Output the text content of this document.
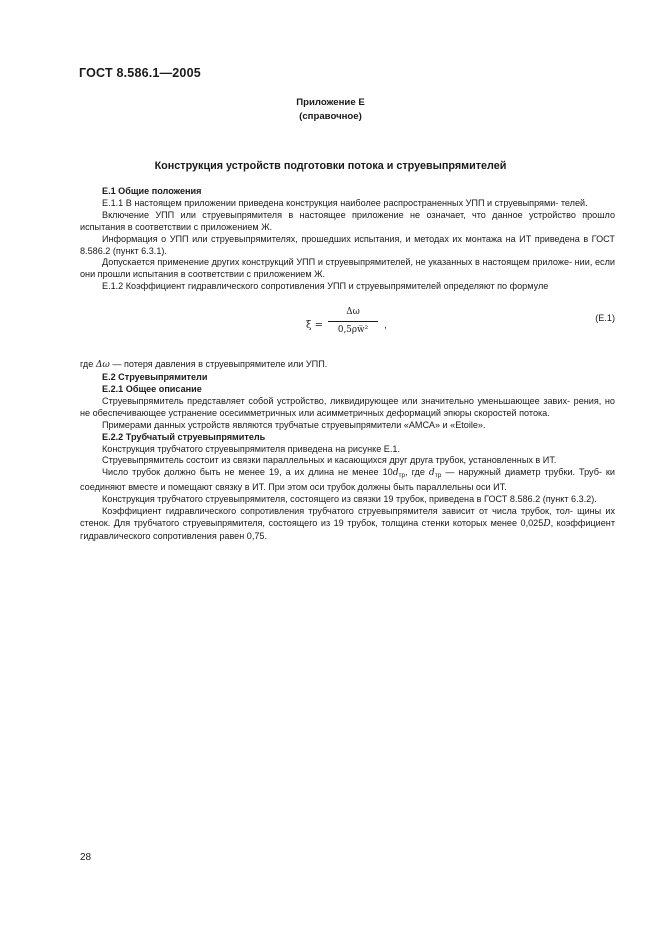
ГОСТ 8.586.1—2005
Приложение Е
(справочное)
Конструкция устройств подготовки потока и струевыпрямителей

Е.1 Общие положения

Е.1.1 В настоящем приложении приведена конструкция наиболее распространенных УПП и струевыпрями- телей.

Включение УПП или струевыпрямителя в настоящее приложение не означает, что данное устройство прошло испытания в соответствии с приложением Ж.

Информация о УПП или струевыпрямителях, прошедших испытания, и методах их монтажа на ИТ приведена в ГОСТ 8.586.2 (пункт 6.3.1).

Допускается применение других конструкций УПП и струевыпрямителей, не указанных в настоящем приложе- нии, если они прошли испытания в соответствии с приложением Ж.

Е.1.2 Коэффициент гидравлического сопротивления УПП и струевыпрямителей определяют по формуле

ξ =
Δω
0,5ρw̅²	,
(Е.1)

где Δω — потеря давления в струевыпрямителе или УПП.

Е.2 Струевыпрямители

Е.2.1 Общее описание

Струевыпрямитель представляет собой устройство, ликвидирующее или значительно уменьшающее завих- рения, но не обеспечивающее устранение осесимметричных или асимметричных деформаций эпюры скоростей потока.

Примерами данных устройств являются трубчатые струевыпрямители «АМСА» и «Etoile».

Е.2.2 Трубчатый струевыпрямитель

Конструкция трубчатого струевыпрямителя приведена на рисунке Е.1.

Струевыпрямитель состоит из связки параллельных и касающихся друг друга трубок, установленных в ИТ.

Число трубок должно быть не менее 19, а их длина не менее $10d_{тр}$, где $d_{тр}$ — наружный диаметр трубки. Труб- ки соединяют вместе и помещают связку в ИТ. При этом оси трубок должны быть параллельны оси ИТ.

Конструкция трубчатого струевыпрямителя, состоящего из связки 19 трубок, приведена в ГОСТ 8.586.2 (пункт 6.3.2).

Коэффициент гидравлического сопротивления трубчатого струевыпрямителя зависит от числа трубок, тол- щины их стенок. Для трубчатого струевыпрямителя, состоящего из 19 трубок, толщина стенки которых менее 0,025D, коэффициент гидравлического сопротивления равен 0,75.

28
